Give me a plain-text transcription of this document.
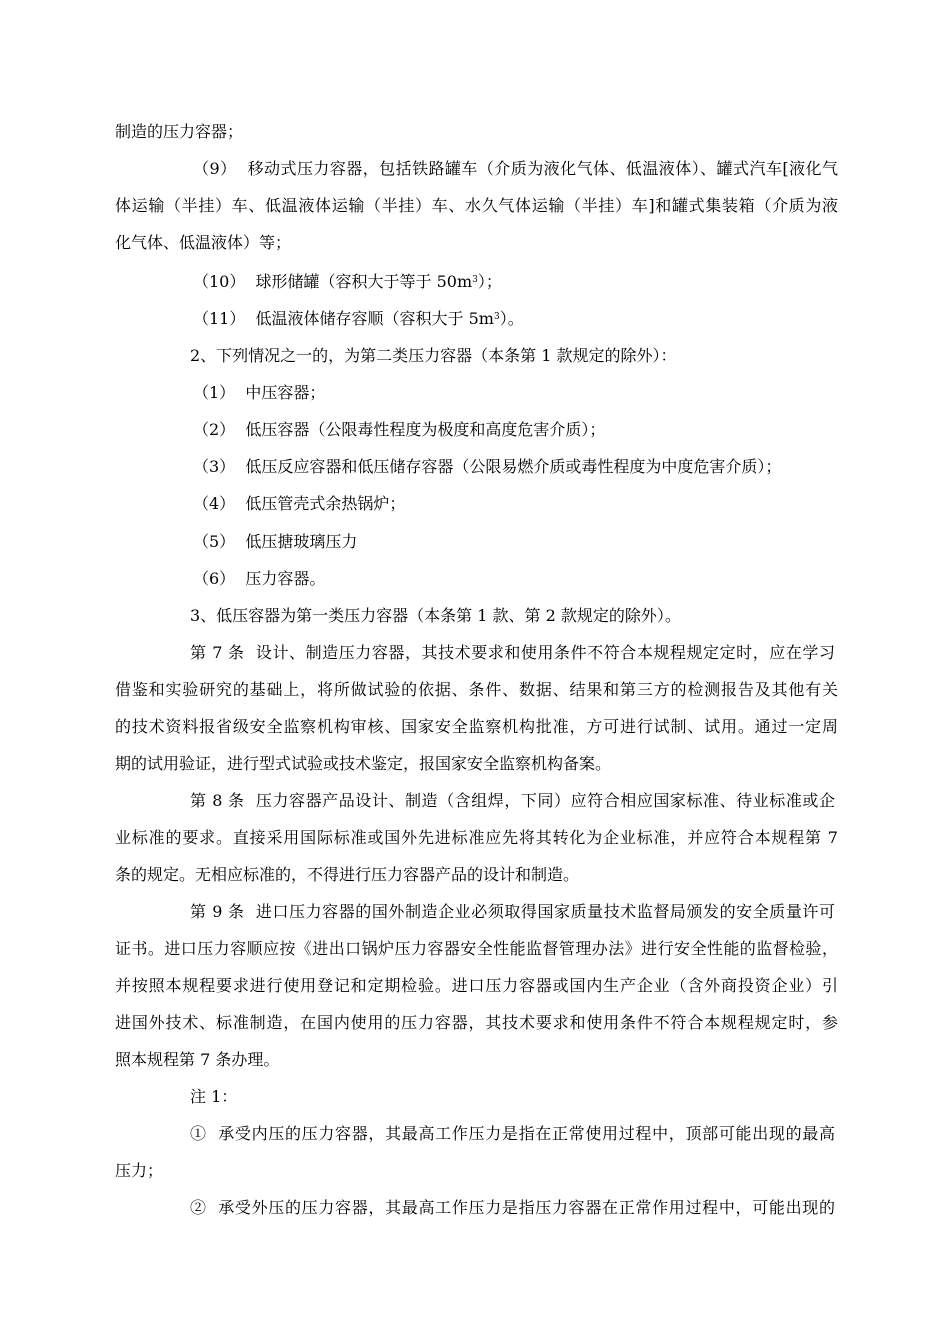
制造的压力容器；
（9）  移动式压力容器，包括铁路罐车（介质为液化气体、低温液体）、罐式汽车[液化气
体运输（半挂）车、低温液体运输（半挂）车、水久气体运输（半挂）车]和罐式集装箱（介质为液
化气体、低温液体）等；
（10）  球形储罐（容积大于等于 $50m^3$）；
（11）  低温液体储存容顺（容积大于 $5m^3$）。
2、下列情况之一的，为第二类压力容器（本条第 1 款规定的除外）：
（1）  中压容器；
（2）  低压容器（公限毒性程度为极度和高度危害介质）；
（3）  低压反应容器和低压储存容器（公限易燃介质或毒性程度为中度危害介质）；
（4）  低压管壳式余热锅炉；
（5）  低压搪玻璃压力
（6）  压力容器。
3、低压容器为第一类压力容器（本条第 1 款、第 2 款规定的除外）。
第 7 条  设计、制造压力容器，其技术要求和使用条件不符合本规程规定定时，应在学习
借鉴和实验研究的基础上，将所做试验的依据、条件、数据、结果和第三方的检测报告及其他有关
的技术资料报省级安全监察机构审核、国家安全监察机构批准，方可进行试制、试用。通过一定周
期的试用验证，进行型式试验或技术鉴定，报国家安全监察机构备案。
第 8 条  压力容器产品设计、制造（含组焊，下同）应符合相应国家标准、待业标准或企
业标准的要求。直接采用国际标准或国外先进标准应先将其转化为企业标准，并应符合本规程第 7
条的规定。无相应标准的，不得进行压力容器产品的设计和制造。
第 9 条  进口压力容器的国外制造企业必须取得国家质量技术监督局颁发的安全质量许可
证书。进口压力容顺应按《进出口锅炉压力容器安全性能监督管理办法》进行安全性能的监督检验，
并按照本规程要求进行使用登记和定期检验。进口压力容器或国内生产企业（含外商投资企业）引
进国外技术、标准制造，在国内使用的压力容器，其技术要求和使用条件不符合本规程规定时，参
照本规程第 7 条办理。
注 1：
①  承受内压的压力容器，其最高工作压力是指在正常使用过程中，顶部可能出现的最高
压力；
②  承受外压的压力容器，其最高工作压力是指压力容器在正常作用过程中，可能出现的
